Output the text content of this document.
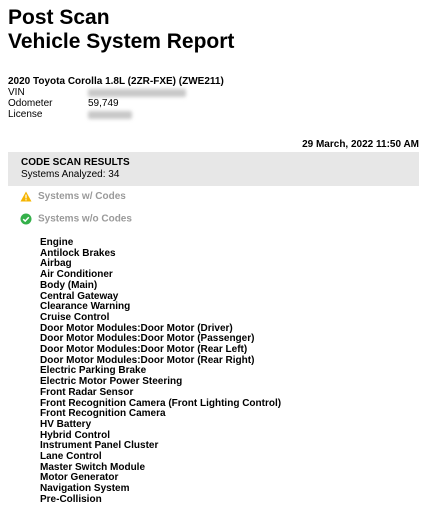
Post Scan
Vehicle System Report
2020 Toyota Corolla 1.8L (2ZR-FXE) (ZWE211)
VIN
Odometer	59,749
License
29 March, 2022 11:50 AM
CODE SCAN RESULTS
Systems Analyzed: 34
Systems w/ Codes
Systems w/o Codes
Engine
Antilock Brakes
Airbag
Air Conditioner
Body (Main)
Central Gateway
Clearance Warning
Cruise Control
Door Motor Modules:Door Motor (Driver)
Door Motor Modules:Door Motor (Passenger)
Door Motor Modules:Door Motor (Rear Left)
Door Motor Modules:Door Motor (Rear Right)
Electric Parking Brake
Electric Motor Power Steering
Front Radar Sensor
Front Recognition Camera (Front Lighting Control)
Front Recognition Camera
HV Battery
Hybrid Control
Instrument Panel Cluster
Lane Control
Master Switch Module
Motor Generator
Navigation System
Pre-Collision
